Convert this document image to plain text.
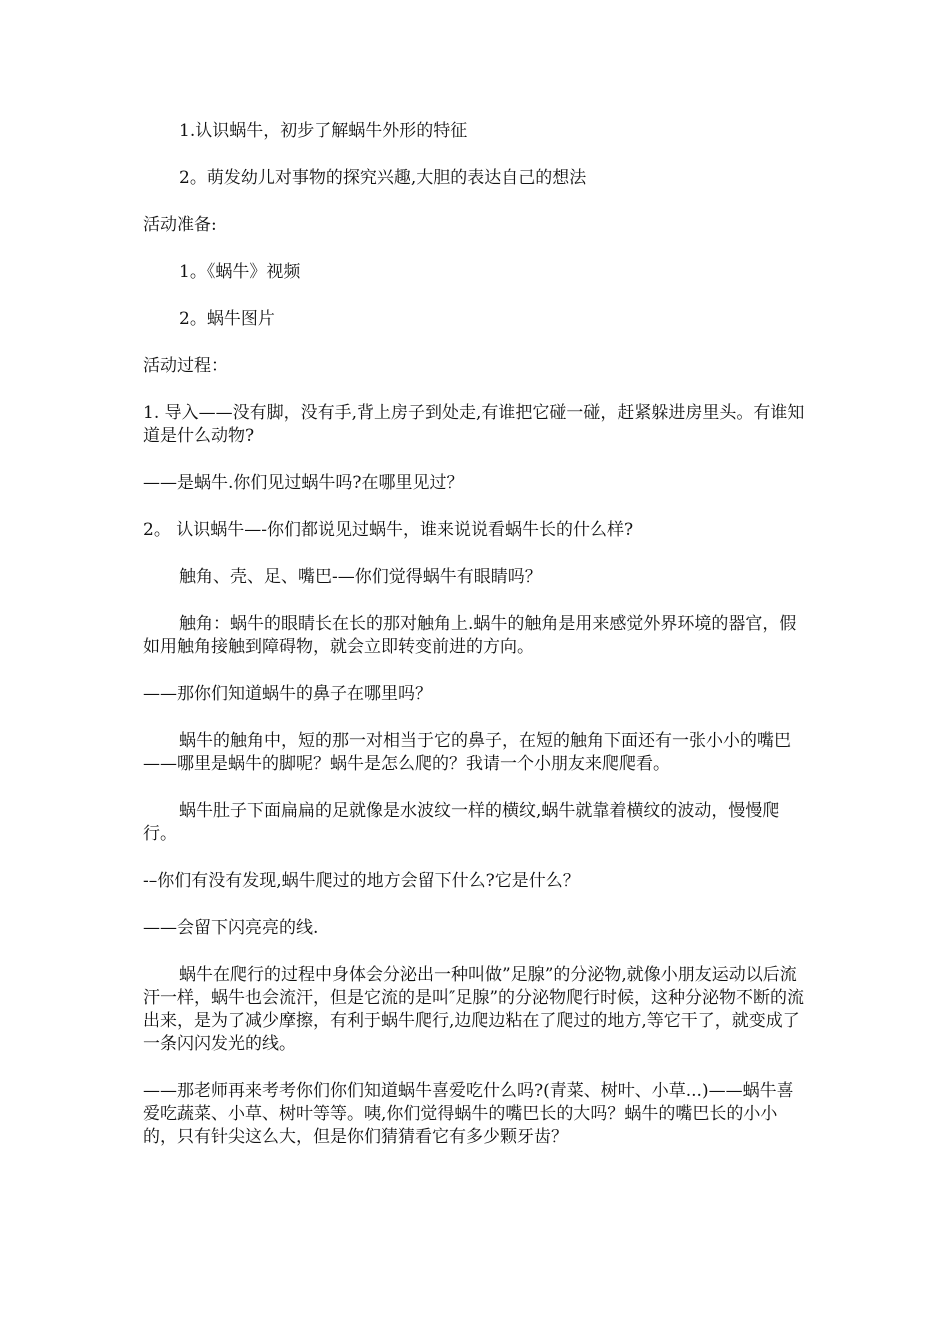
1.认识蜗牛，初步了解蜗牛外形的特征

2。萌发幼儿对事物的探究兴趣,大胆的表达自己的想法

活动准备:

1。《蜗牛》视频

2。蜗牛图片

活动过程：

1. 导入——没有脚，没有手,背上房子到处走,有谁把它碰一碰，赶紧躲进房里头。有谁知道是什么动物?

——是蜗牛.你们见过蜗牛吗?在哪里见过？

2。 认识蜗牛—-你们都说见过蜗牛，谁来说说看蜗牛长的什么样?

触角、壳、足、嘴巴-—你们觉得蜗牛有眼睛吗？

触角：蜗牛的眼睛长在长的那对触角上.蜗牛的触角是用来感觉外界环境的器官，假如用触角接触到障碍物，就会立即转变前进的方向。

——那你们知道蜗牛的鼻子在哪里吗？

蜗牛的触角中，短的那一对相当于它的鼻子，在短的触角下面还有一张小小的嘴巴——哪里是蜗牛的脚呢？蜗牛是怎么爬的？我请一个小朋友来爬爬看。

蜗牛肚子下面扁扁的足就像是水波纹一样的横纹,蜗牛就靠着横纹的波动，慢慢爬行。

-–你们有没有发现,蜗牛爬过的地方会留下什么?它是什么？

——会留下闪亮亮的线.

蜗牛在爬行的过程中身体会分泌出一种叫做”足腺”的分泌物,就像小朋友运动以后流汗一样，蜗牛也会流汗，但是它流的是叫″足腺”的分泌物爬行时候，这种分泌物不断的流出来，是为了减少摩擦，有利于蜗牛爬行,边爬边粘在了爬过的地方,等它干了，就变成了一条闪闪发光的线。

——那老师再来考考你们你们知道蜗牛喜爱吃什么吗?(青菜、树叶、小草...)——蜗牛喜爱吃蔬菜、小草、树叶等等。咦,你们觉得蜗牛的嘴巴长的大吗？蜗牛的嘴巴长的小小的，只有针尖这么大，但是你们猜猜看它有多少颗牙齿？
